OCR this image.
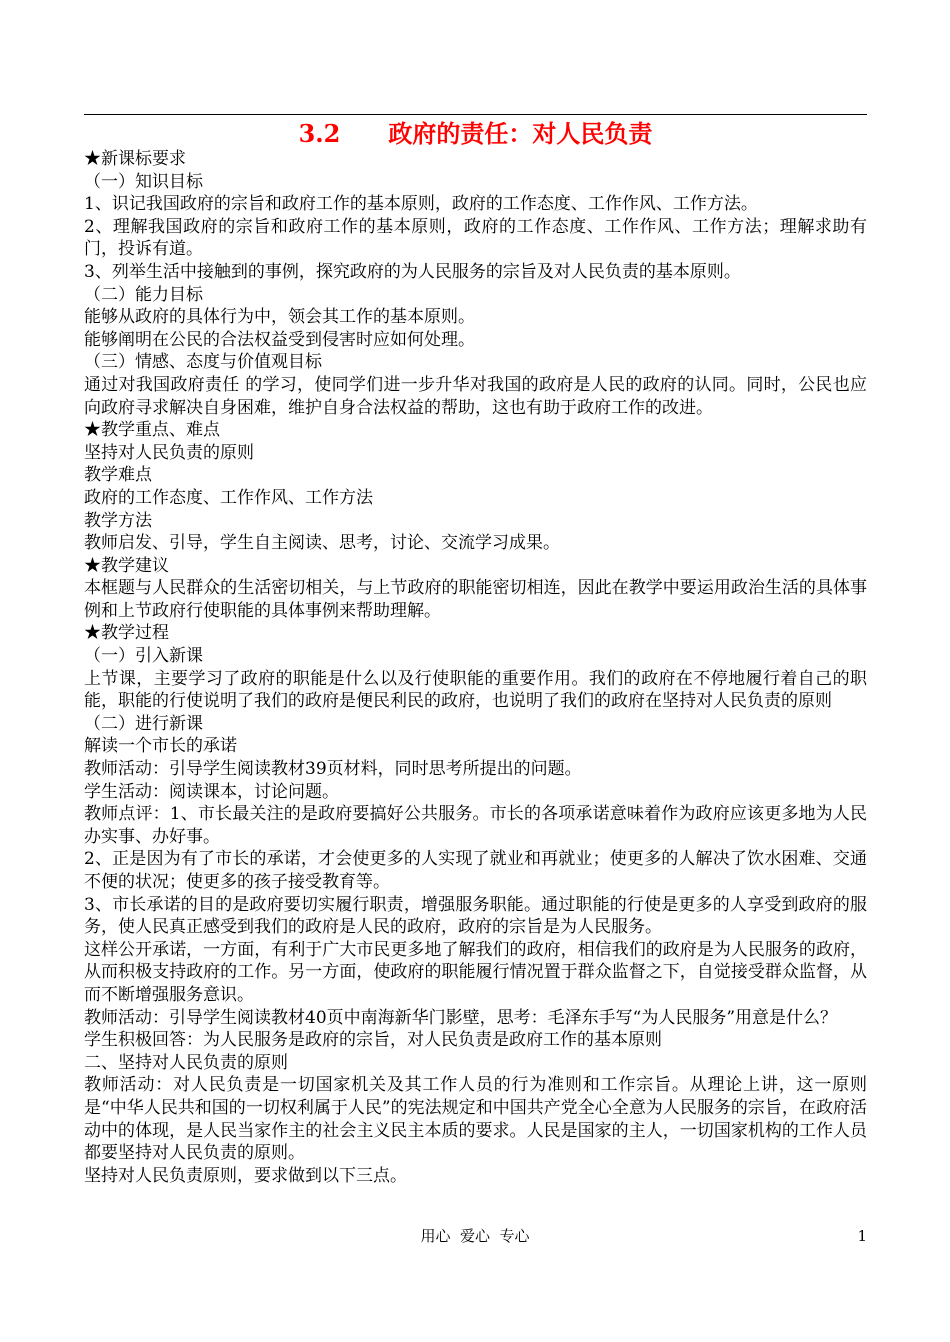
3.2　　政府的责任：对人民负责

★新课标要求

（一）知识目标

1、识记我国政府的宗旨和政府工作的基本原则，政府的工作态度、工作作风、工作方法。

2、理解我国政府的宗旨和政府工作的基本原则，政府的工作态度、工作作风、工作方法；理解求助有门，投诉有道。

3、列举生活中接触到的事例，探究政府的为人民服务的宗旨及对人民负责的基本原则。

（二）能力目标

能够从政府的具体行为中，领会其工作的基本原则。

能够阐明在公民的合法权益受到侵害时应如何处理。

（三）情感、态度与价值观目标

通过对我国政府责任 的学习，使同学们进一步升华对我国的政府是人民的政府的认同。同时，公民也应向政府寻求解决自身困难，维护自身合法权益的帮助，这也有助于政府工作的改进。

★教学重点、难点

坚持对人民负责的原则

教学难点

政府的工作态度、工作作风、工作方法

教学方法

教师启发、引导，学生自主阅读、思考，讨论、交流学习成果。

★教学建议

本框题与人民群众的生活密切相关，与上节政府的职能密切相连，因此在教学中要运用政治生活的具体事例和上节政府行使职能的具体事例来帮助理解。

★教学过程

（一）引入新课

上节课，主要学习了政府的职能是什么以及行使职能的重要作用。我们的政府在不停地履行着自己的职能，职能的行使说明了我们的政府是便民利民的政府，也说明了我们的政府在坚持对人民负责的原则

（二）进行新课

解读一个市长的承诺

教师活动：引导学生阅读教材39页材料，同时思考所提出的问题。

学生活动：阅读课本，讨论问题。

教师点评：1、市长最关注的是政府要搞好公共服务。市长的各项承诺意味着作为政府应该更多地为人民办实事、办好事。

2、正是因为有了市长的承诺，才会使更多的人实现了就业和再就业；使更多的人解决了饮水困难、交通不便的状况；使更多的孩子接受教育等。

3、市长承诺的目的是政府要切实履行职责，增强服务职能。通过职能的行使是更多的人享受到政府的服务，使人民真正感受到我们的政府是人民的政府，政府的宗旨是为人民服务。

这样公开承诺，一方面，有利于广大市民更多地了解我们的政府，相信我们的政府是为人民服务的政府，从而积极支持政府的工作。另一方面，使政府的职能履行情况置于群众监督之下，自觉接受群众监督，从而不断增强服务意识。

教师活动：引导学生阅读教材40页中南海新华门影壁，思考：毛泽东手写“为人民服务”用意是什么？

学生积极回答：为人民服务是政府的宗旨，对人民负责是政府工作的基本原则

二、坚持对人民负责的原则

教师活动：对人民负责是一切国家机关及其工作人员的行为准则和工作宗旨。从理论上讲，这一原则是“中华人民共和国的一切权利属于人民”的宪法规定和中国共产党全心全意为人民服务的宗旨，在政府活动中的体现，是人民当家作主的社会主义民主本质的要求。人民是国家的主人，一切国家机构的工作人员都要坚持对人民负责的原则。

坚持对人民负责原则，要求做到以下三点。

用心  爱心  专心	1
